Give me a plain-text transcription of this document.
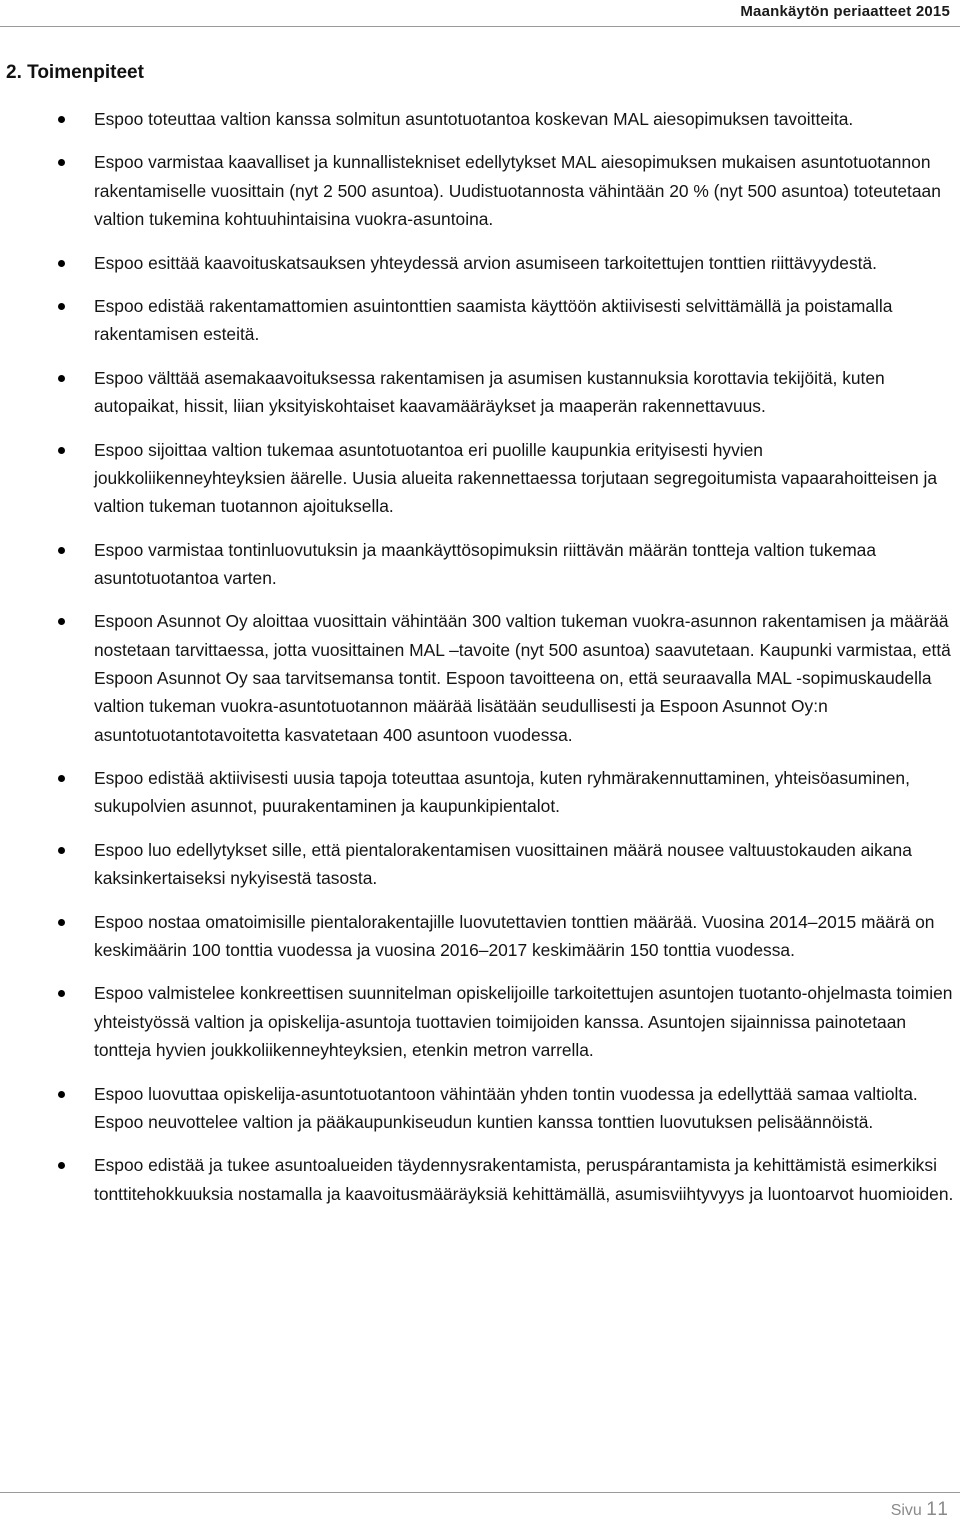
Maankäytön periaatteet 2015
2. Toimenpiteet
Espoo toteuttaa valtion kanssa solmitun asuntotuotantoa koskevan MAL aiesopimuksen tavoitteita.
Espoo varmistaa kaavalliset ja kunnallistekniset edellytykset MAL aiesopimuksen mukaisen asuntotuotannon rakentamiselle vuosittain (nyt 2 500 asuntoa). Uudistuotannosta vähintään 20 % (nyt 500 asuntoa) toteutetaan valtion tukemina kohtuuhintaisina vuokra-asuntoina.
Espoo esittää kaavoituskatsauksen yhteydessä arvion asumiseen tarkoitettujen tonttien riittävyydestä.
Espoo edistää rakentamattomien asuintonttien saamista käyttöön aktiivisesti selvittämällä ja poistamalla rakentamisen esteitä.
Espoo välttää asemakaavoituksessa rakentamisen ja asumisen kustannuksia korottavia tekijöitä, kuten autopaikat, hissit, liian yksityiskohtaiset kaavamääräykset ja maaperän rakennettavuus.
Espoo sijoittaa valtion tukemaa asuntotuotantoa eri puolille kaupunkia erityisesti hyvien joukkoliikenneyhteyksien äärelle. Uusia alueita rakennettaessa torjutaan segregoitumista vapaarahoitteisen ja valtion tukeman tuotannon ajoituksella.
Espoo varmistaa tontinluovutuksin ja maankäyttösopimuksin riittävän määrän tontteja valtion tukemaa asuntotuotantoa varten.
Espoon Asunnot Oy aloittaa vuosittain vähintään 300 valtion tukeman vuokra-asunnon rakentamisen ja määrää nostetaan tarvittaessa, jotta vuosittainen MAL –tavoite (nyt 500 asuntoa) saavutetaan. Kaupunki varmistaa, että Espoon Asunnot Oy saa tarvitsemansa tontit. Espoon tavoitteena on, että seuraavalla MAL -sopimuskaudella valtion tukeman vuokra-asuntotuotannon määrää lisätään seudullisesti ja Espoon Asunnot Oy:n asuntotuotantotavoitetta kasvatetaan 400 asuntoon vuodessa.
Espoo edistää aktiivisesti uusia tapoja toteuttaa asuntoja, kuten ryhmärakennuttaminen, yhteisöasuminen, sukupolvien asunnot, puurakentaminen ja kaupunkipientalot.
Espoo luo edellytykset sille, että pientalorakentamisen vuosittainen määrä nousee valtuustokauden aikana kaksinkertaiseksi nykyisestä tasosta.
Espoo nostaa omatoimisille pientalorakentajille luovutettavien tonttien määrää. Vuosina 2014–2015 määrä on keskimäärin 100 tonttia vuodessa ja vuosina 2016–2017 keskimäärin 150 tonttia vuodessa.
Espoo valmistelee konkreettisen suunnitelman opiskelijoille tarkoitettujen asuntojen tuotanto-ohjelmasta toimien yhteistyössä valtion ja opiskelija-asuntoja tuottavien toimijoiden kanssa. Asuntojen sijainnissa painotetaan tontteja hyvien joukkoliikenneyhteyksien, etenkin metron varrella.
Espoo luovuttaa opiskelija-asuntotuotantoon vähintään yhden tontin vuodessa ja edellyttää samaa valtiolta. Espoo neuvottelee valtion ja pääkaupunkiseudun kuntien kanssa tonttien luovutuksen pelisäännöistä.
Espoo edistää ja tukee asuntoalueiden täydennysrakentamista, peruspárantamista ja kehittämistä esimerkiksi tonttitehokkuuksia nostamalla ja kaavoitusmääräyksiä kehittämällä, asumisviihtyvyys ja luontoarvot huomioiden.
Sivu 11
